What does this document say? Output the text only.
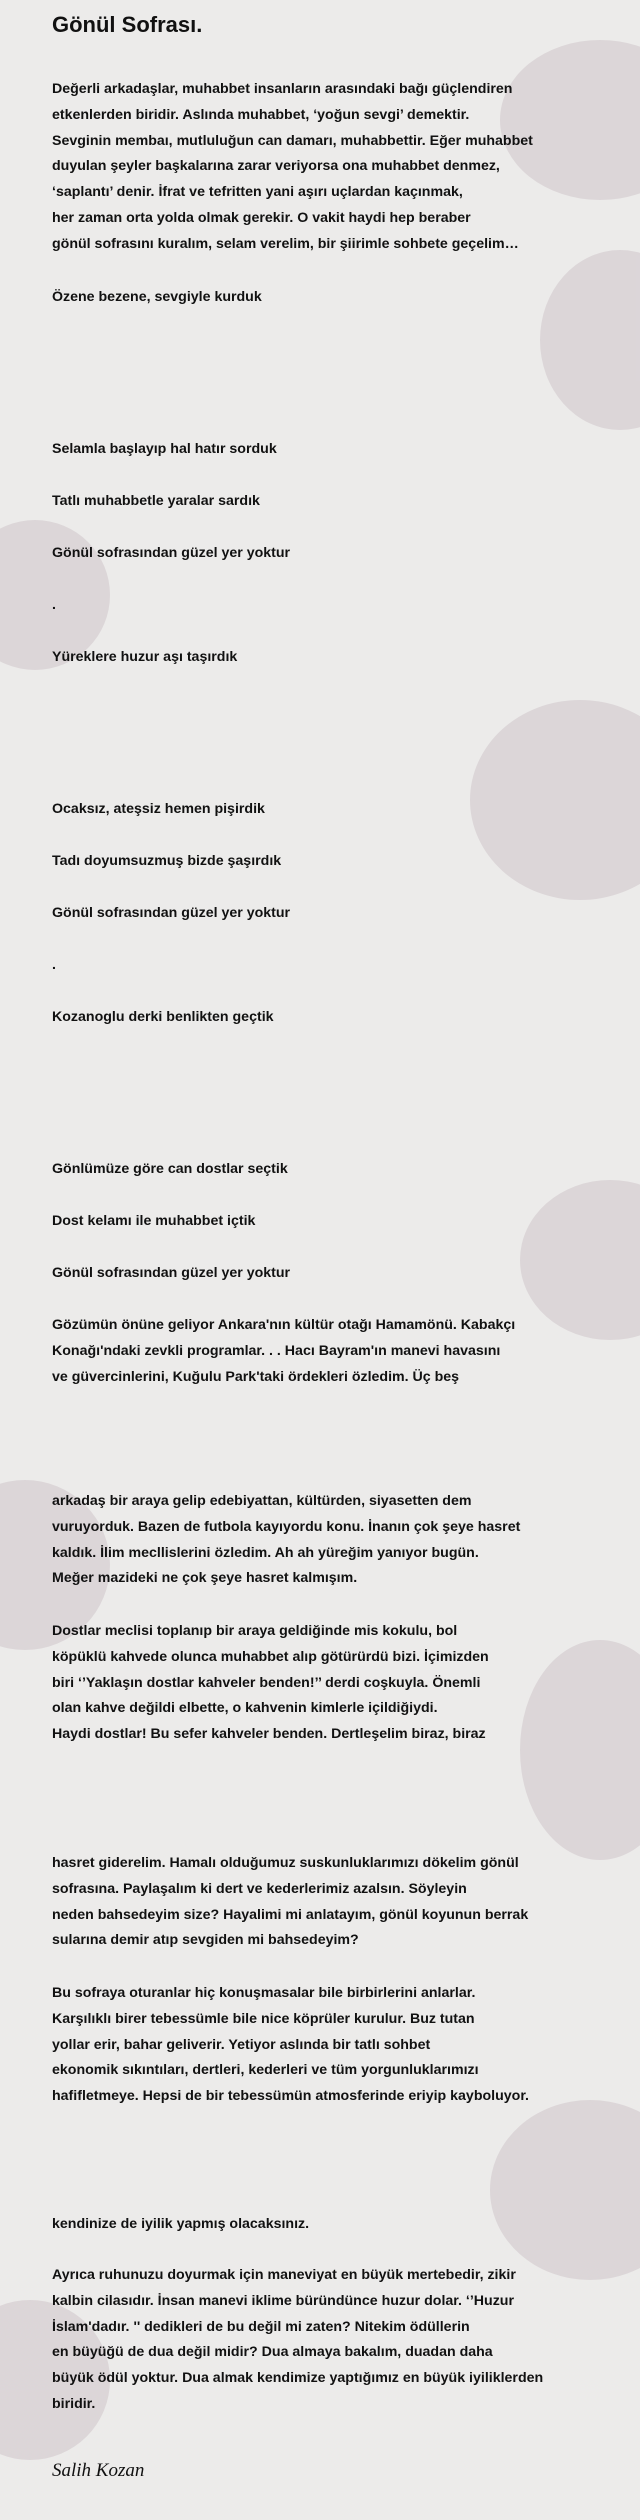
Gönül Sofrası.
Değerli arkadaşlar, muhabbet insanların arasındaki bağı güçlendiren
etkenlerden biridir. Aslında muhabbet, ‘yoğun sevgi’ demektir.
Sevginin membaı, mutluluğun can damarı, muhabbettir. Eğer muhabbet
duyulan şeyler başkalarına zarar veriyorsa ona muhabbet denmez,
‘saplantı’ denir. İfrat ve tefritten yani aşırı uçlardan kaçınmak,
her zaman orta yolda olmak gerekir. O vakit haydi hep beraber
gönül sofrasını kuralım, selam verelim, bir şiirimle sohbete geçelim…
Özene bezene, sevgiyle kurduk
Selamla başlayıp hal hatır sorduk
Tatlı muhabbetle yaralar sardık
Gönül sofrasından güzel yer yoktur
.
Yüreklere huzur aşı taşırdık
Ocaksız, ateşsiz hemen pişirdik
Tadı doyumsuzmuş bizde şaşırdık
Gönül sofrasından güzel yer yoktur
.
Kozanoglu derki benlikten geçtik
Gönlümüze göre can dostlar seçtik
Dost kelamı ile muhabbet içtik
Gönül sofrasından güzel yer yoktur
Gözümün önüne geliyor Ankara'nın kültür otağı Hamamönü. Kabakçı
Konağı'ndaki zevkli programlar. . . Hacı Bayram'ın manevi havasını
ve güvercinlerini, Kuğulu Park'taki ördekleri özledim. Üç beş
arkadaş bir araya gelip edebiyattan, kültürden, siyasetten dem
vuruyorduk. Bazen de futbola kayıyordu konu. İnanın çok şeye hasret
kaldık. İlim mecllislerini özledim. Ah ah yüreğim yanıyor bugün.
Meğer mazideki ne çok şeye hasret kalmışım.
Dostlar meclisi toplanıp bir araya geldiğinde mis kokulu, bol
köpüklü kahvede olunca muhabbet alıp götürürdü bizi. İçimizden
biri ‘’Yaklaşın dostlar kahveler benden!’’ derdi coşkuyla. Önemli
olan kahve değildi elbette, o kahvenin kimlerle içildiğiydi.
Haydi dostlar! Bu sefer kahveler benden. Dertleşelim biraz, biraz
hasret giderelim. Hamalı olduğumuz suskunluklarımızı dökelim gönül
sofrasına. Paylaşalım ki dert ve kederlerimiz azalsın. Söyleyin
neden bahsedeyim size? Hayalimi mi anlatayım, gönül koyunun berrak
sularına demir atıp sevgiden mi bahsedeyim?
Bu sofraya oturanlar hiç konuşmasalar bile birbirlerini anlarlar.
Karşılıklı birer tebessümle bile nice köprüler kurulur. Buz tutan
yollar erir, bahar geliverir. Yetiyor aslında bir tatlı sohbet
ekonomik sıkıntıları, dertleri, kederleri ve tüm yorgunluklarımızı
hafifletmeye. Hepsi de bir tebessümün atmosferinde eriyip kayboluyor.
kendinize de iyilik yapmış olacaksınız.
Ayrıca ruhunuzu doyurmak için maneviyat en büyük mertebedir, zikir
kalbin cilasıdır. İnsan manevi iklime büründünce huzur dolar. ‘’Huzur
İslam'dadır. '' dedikleri de bu değil mi zaten? Nitekim ödüllerin
en büyüğü de dua değil midir? Dua almaya bakalım, duadan daha
büyük ödül yoktur. Dua almak kendimize yaptığımız en büyük iyiliklerden
biridir.
Salih Kozan
